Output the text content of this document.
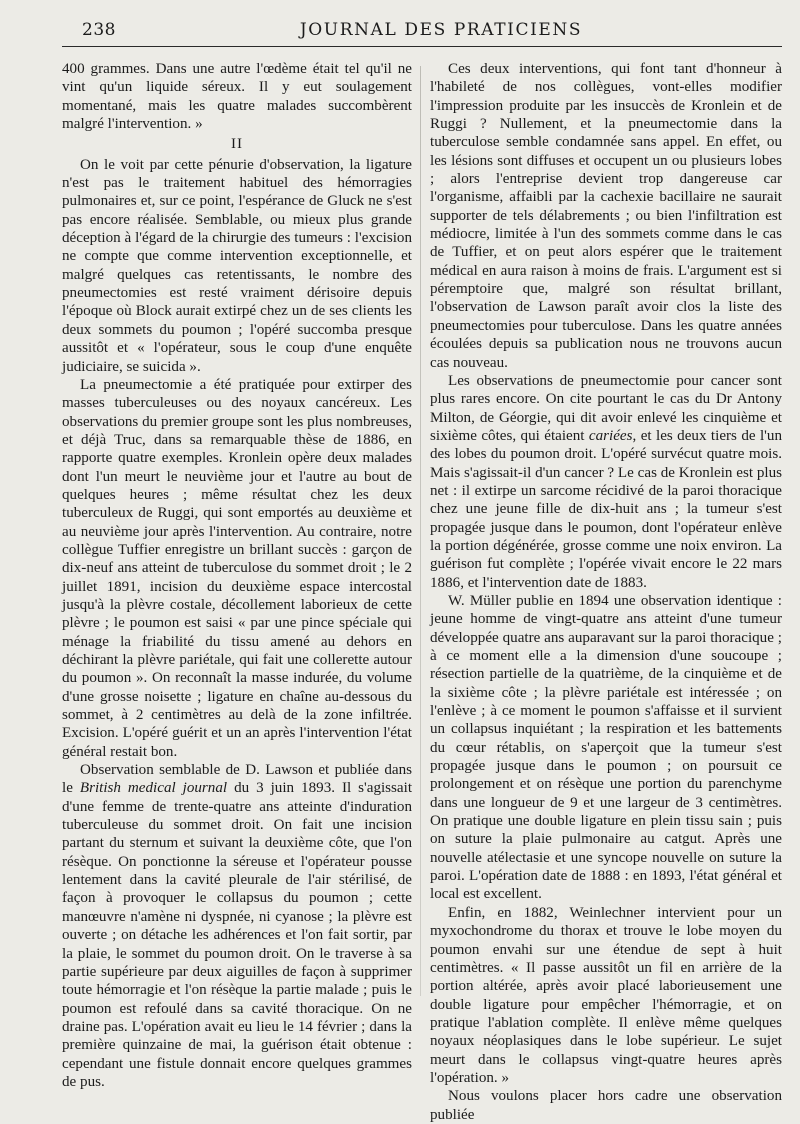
238	JOURNAL DES PRATICIENS

400 grammes. Dans une autre l'œdème était tel qu'il ne vint qu'un liquide séreux. Il y eut soulagement momentané, mais les quatre malades succombèrent malgré l'intervention. »

II

On le voit par cette pénurie d'observation, la ligature n'est pas le traitement habituel des hémorragies pulmonaires et, sur ce point, l'espérance de Gluck ne s'est pas encore réalisée. Semblable, ou mieux plus grande déception à l'égard de la chirurgie des tumeurs : l'excision ne compte que comme intervention exceptionnelle, et malgré quelques cas retentissants, le nombre des pneumectomies est resté vraiment dérisoire depuis l'époque où Block aurait extirpé chez un de ses clients les deux sommets du poumon ; l'opéré succomba presque aussitôt et « l'opérateur, sous le coup d'une enquête judiciaire, se suicida ».

La pneumectomie a été pratiquée pour extirper des masses tuberculeuses ou des noyaux cancéreux. Les observations du premier groupe sont les plus nombreuses, et déjà Truc, dans sa remarquable thèse de 1886, en rapporte quatre exemples. Kronlein opère deux malades dont l'un meurt le neuvième jour et l'autre au bout de quelques heures ; même résultat chez les deux tuberculeux de Ruggi, qui sont emportés au deuxième et au neuvième jour après l'intervention. Au contraire, notre collègue Tuffier enregistre un brillant succès : garçon de dix-neuf ans atteint de tuberculose du sommet droit ; le 2 juillet 1891, incision du deuxième espace intercostal jusqu'à la plèvre costale, décollement laborieux de cette plèvre ; le poumon est saisi « par une pince spéciale qui ménage la friabilité du tissu amené au dehors en déchirant la plèvre pariétale, qui fait une collerette autour du poumon ». On reconnaît la masse indurée, du volume d'une grosse noisette ; ligature en chaîne au-dessous du sommet, à 2 centimètres au delà de la zone infiltrée. Excision. L'opéré guérit et un an après l'intervention l'état général restait bon.

Observation semblable de D. Lawson et publiée dans le British medical journal du 3 juin 1893. Il s'agissait d'une femme de trente-quatre ans atteinte d'induration tuberculeuse du sommet droit. On fait une incision partant du sternum et suivant la deuxième côte, que l'on résèque. On ponctionne la séreuse et l'opérateur pousse lentement dans la cavité pleurale de l'air stérilisé, de façon à provoquer le collapsus du poumon ; cette manœuvre n'amène ni dyspnée, ni cyanose ; la plèvre est ouverte ; on détache les adhérences et l'on fait sortir, par la plaie, le sommet du poumon droit. On le traverse à sa partie supérieure par deux aiguilles de façon à supprimer toute hémorragie et l'on résèque la partie malade ; puis le poumon est refoulé dans sa cavité thoracique. On ne draine pas. L'opération avait eu lieu le 14 février ; dans la première quinzaine de mai, la guérison était obtenue : cependant une fistule donnait encore quelques grammes de pus.

Ces deux interventions, qui font tant d'honneur à l'habileté de nos collègues, vont-elles modifier l'impression produite par les insuccès de Kronlein et de Ruggi ? Nullement, et la pneumectomie dans la tuberculose semble condamnée sans appel. En effet, ou les lésions sont diffuses et occupent un ou plusieurs lobes ; alors l'entreprise devient trop dangereuse car l'organisme, affaibli par la cachexie bacillaire ne saurait supporter de tels délabrements ; ou bien l'infiltration est médiocre, limitée à l'un des sommets comme dans le cas de Tuffier, et on peut alors espérer que le traitement médical en aura raison à moins de frais. L'argument est si péremptoire que, malgré son résultat brillant, l'observation de Lawson paraît avoir clos la liste des pneumectomies pour tuberculose. Dans les quatre années écoulées depuis sa publication nous ne trouvons aucun cas nouveau.

Les observations de pneumectomie pour cancer sont plus rares encore. On cite pourtant le cas du Dr Antony Milton, de Géorgie, qui dit avoir enlevé les cinquième et sixième côtes, qui étaient cariées, et les deux tiers de l'un des lobes du poumon droit. L'opéré survécut quatre mois. Mais s'agissait-il d'un cancer ? Le cas de Kronlein est plus net : il extirpe un sarcome récidivé de la paroi thoracique chez une jeune fille de dix-huit ans ; la tumeur s'est propagée jusque dans le poumon, dont l'opérateur enlève la portion dégénérée, grosse comme une noix environ. La guérison fut complète ; l'opérée vivait encore le 22 mars 1886, et l'intervention date de 1883.

W. Müller publie en 1894 une observation identique : jeune homme de vingt-quatre ans atteint d'une tumeur développée quatre ans auparavant sur la paroi thoracique ; à ce moment elle a la dimension d'une soucoupe ; résection partielle de la quatrième, de la cinquième et de la sixième côte ; la plèvre pariétale est intéressée ; on l'enlève ; à ce moment le poumon s'affaisse et il survient un collapsus inquiétant ; la respiration et les battements du cœur rétablis, on s'aperçoit que la tumeur s'est propagée jusque dans le poumon ; on poursuit ce prolongement et on résèque une portion du parenchyme dans une longueur de 9 et une largeur de 3 centimètres. On pratique une double ligature en plein tissu sain ; puis on suture la plaie pulmonaire au catgut. Après une nouvelle atélectasie et une syncope nouvelle on suture la paroi. L'opération date de 1888 : en 1893, l'état général et local est excellent.

Enfin, en 1882, Weinlechner intervient pour un myxochondrome du thorax et trouve le lobe moyen du poumon envahi sur une étendue de sept à huit centimètres. « Il passe aussitôt un fil en arrière de la portion altérée, après avoir placé laborieusement une double ligature pour empêcher l'hémorragie, et on pratique l'ablation complète. Il enlève même quelques noyaux néoplasiques dans le lobe supérieur. Le sujet meurt dans le collapsus vingt-quatre heures après l'opération. »

Nous voulons placer hors cadre une observation publiée
